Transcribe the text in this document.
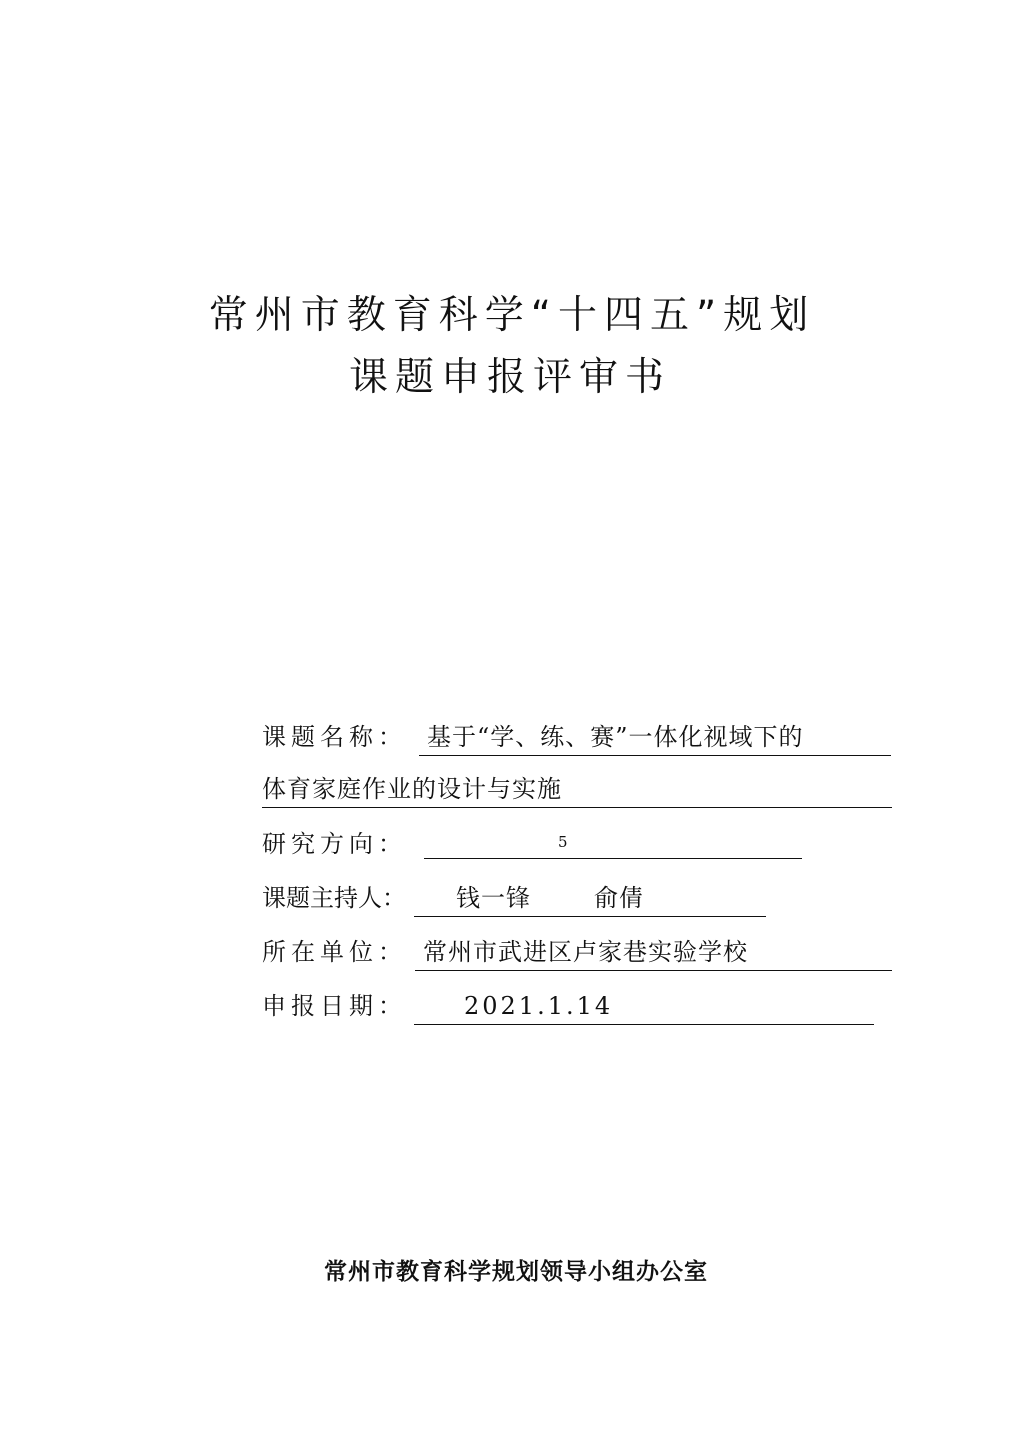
常州市教育科学“十四五”规划
课题申报评审书
课题名称： 基于“学、练、赛”一体化视域下的
体育家庭作业的设计与实施
研究方向：	5
课题主持人： 钱一锋	俞倩
所在单位： 常州市武进区卢家巷实验学校
申报日期： 2021.1.14
常州市教育科学规划领导小组办公室
